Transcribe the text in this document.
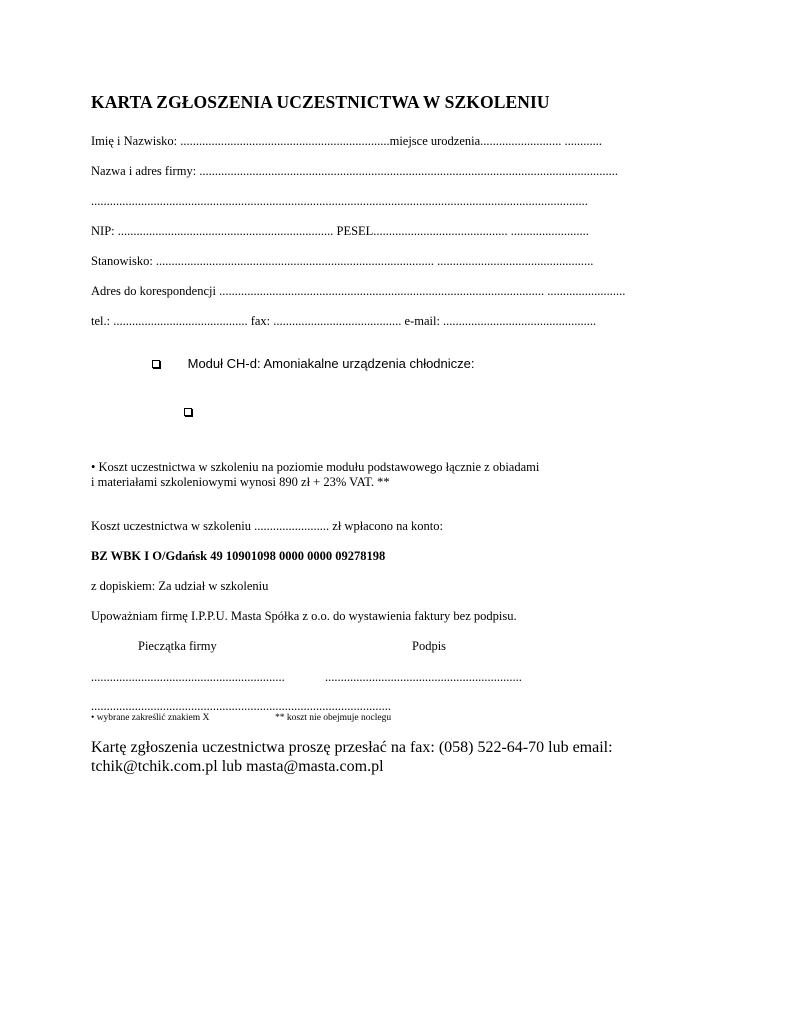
KARTA ZGŁOSZENIA UCZESTNICTWA W SZKOLENIU
Imię i Nazwisko: ...................................................................miejsce urodzenia.......................... ............
Nazwa i adres firmy: ......................................................................................................................................
...............................................................................................................................................................
NIP: ..................................................................... PESEL........................................... .........................
Stanowisko: ......................................................................................... ..................................................
Adres do korespondencji ........................................................................................................ .........................
tel.: ........................................... fax: ......................................... e-mail: .................................................
Moduł CH-d: Amoniakalne urządzenia chłodnicze:
• Koszt uczestnictwa w szkoleniu na poziomie modułu podstawowego łącznie z obiadami
i materiałami szkoleniowymi wynosi 890 zł + 23% VAT. **
Koszt uczestnictwa w szkoleniu ........................ zł wpłacono na konto:
BZ WBK I O/Gdańsk 49 10901098 0000 0000 09278198
z dopiskiem: Za udział w szkoleniu
Upoważniam firmę I.P.P.U. Masta Spółka z o.o. do wystawienia faktury bez podpisu.
Pieczątka firmy	Podpis
..............................................................	...............................................................
................................................................................................
• wybrane zakreślić znakiem X	** koszt nie obejmuje noclegu
Kartę zgłoszenia uczestnictwa proszę przesłać na fax: (058) 522-64-70 lub email:
tchik@tchik.com.pl lub masta@masta.com.pl
